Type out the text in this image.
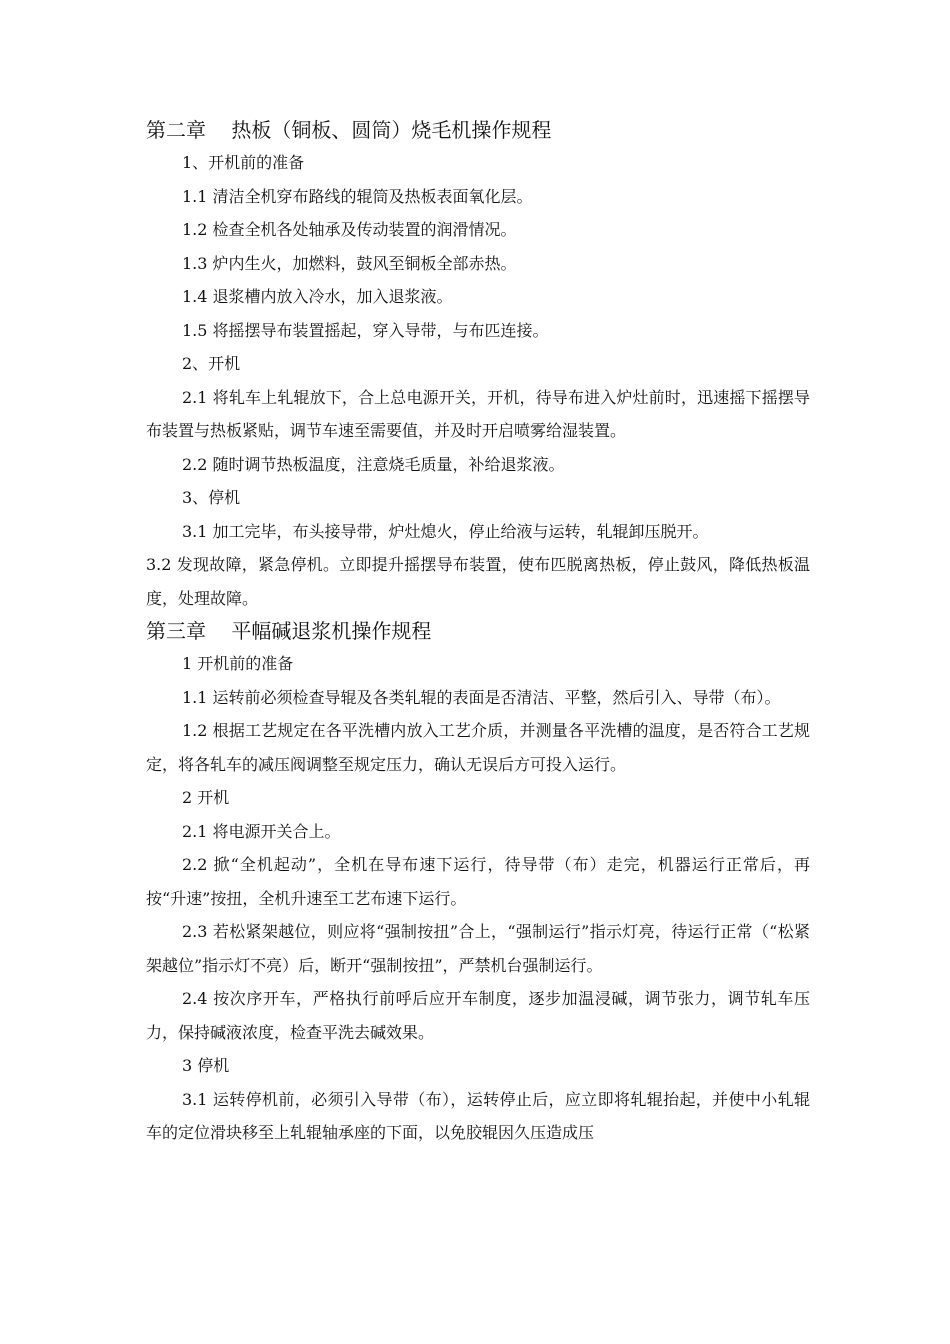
第二章    热板（铜板、圆筒）烧毛机操作规程

1、开机前的准备

1.1 清洁全机穿布路线的辊筒及热板表面氧化层。

1.2 检查全机各处轴承及传动装置的润滑情况。

1.3 炉内生火，加燃料，鼓风至铜板全部赤热。

1.4 退浆槽内放入冷水，加入退浆液。

1.5 将摇摆导布装置摇起，穿入导带，与布匹连接。

2、开机

2.1 将轧车上轧辊放下，合上总电源开关，开机，待导布进入炉灶前时，迅速摇下摇摆导布装置与热板紧贴，调节车速至需要值，并及时开启喷雾给湿装置。

2.2 随时调节热板温度，注意烧毛质量，补给退浆液。

3、停机

3.1 加工完毕，布头接导带，炉灶熄火，停止给液与运转，轧辊卸压脱开。

3.2 发现故障，紧急停机。立即提升摇摆导布装置，使布匹脱离热板，停止鼓风，降低热板温度，处理故障。

第三章    平幅碱退浆机操作规程

1 开机前的准备

1.1 运转前必须检查导辊及各类轧辊的表面是否清洁、平整，然后引入、导带（布）。

1.2 根据工艺规定在各平洗槽内放入工艺介质，并测量各平洗槽的温度，是否符合工艺规定，将各轧车的减压阀调整至规定压力，确认无误后方可投入运行。

2 开机

2.1 将电源开关合上。

2.2 掀“全机起动”，全机在导布速下运行，待导带（布）走完，机器运行正常后，再按“升速”按扭，全机升速至工艺布速下运行。

2.3 若松紧架越位，则应将“强制按扭”合上，“强制运行”指示灯亮，待运行正常（“松紧架越位”指示灯不亮）后，断开“强制按扭”，严禁机台强制运行。

2.4 按次序开车，严格执行前呼后应开车制度，逐步加温浸碱，调节张力，调节轧车压力，保持碱液浓度，检查平洗去碱效果。

3 停机

3.1 运转停机前，必须引入导带（布），运转停止后，应立即将轧辊抬起，并使中小轧辊车的定位滑块移至上轧辊轴承座的下面，以免胶辊因久压造成压
